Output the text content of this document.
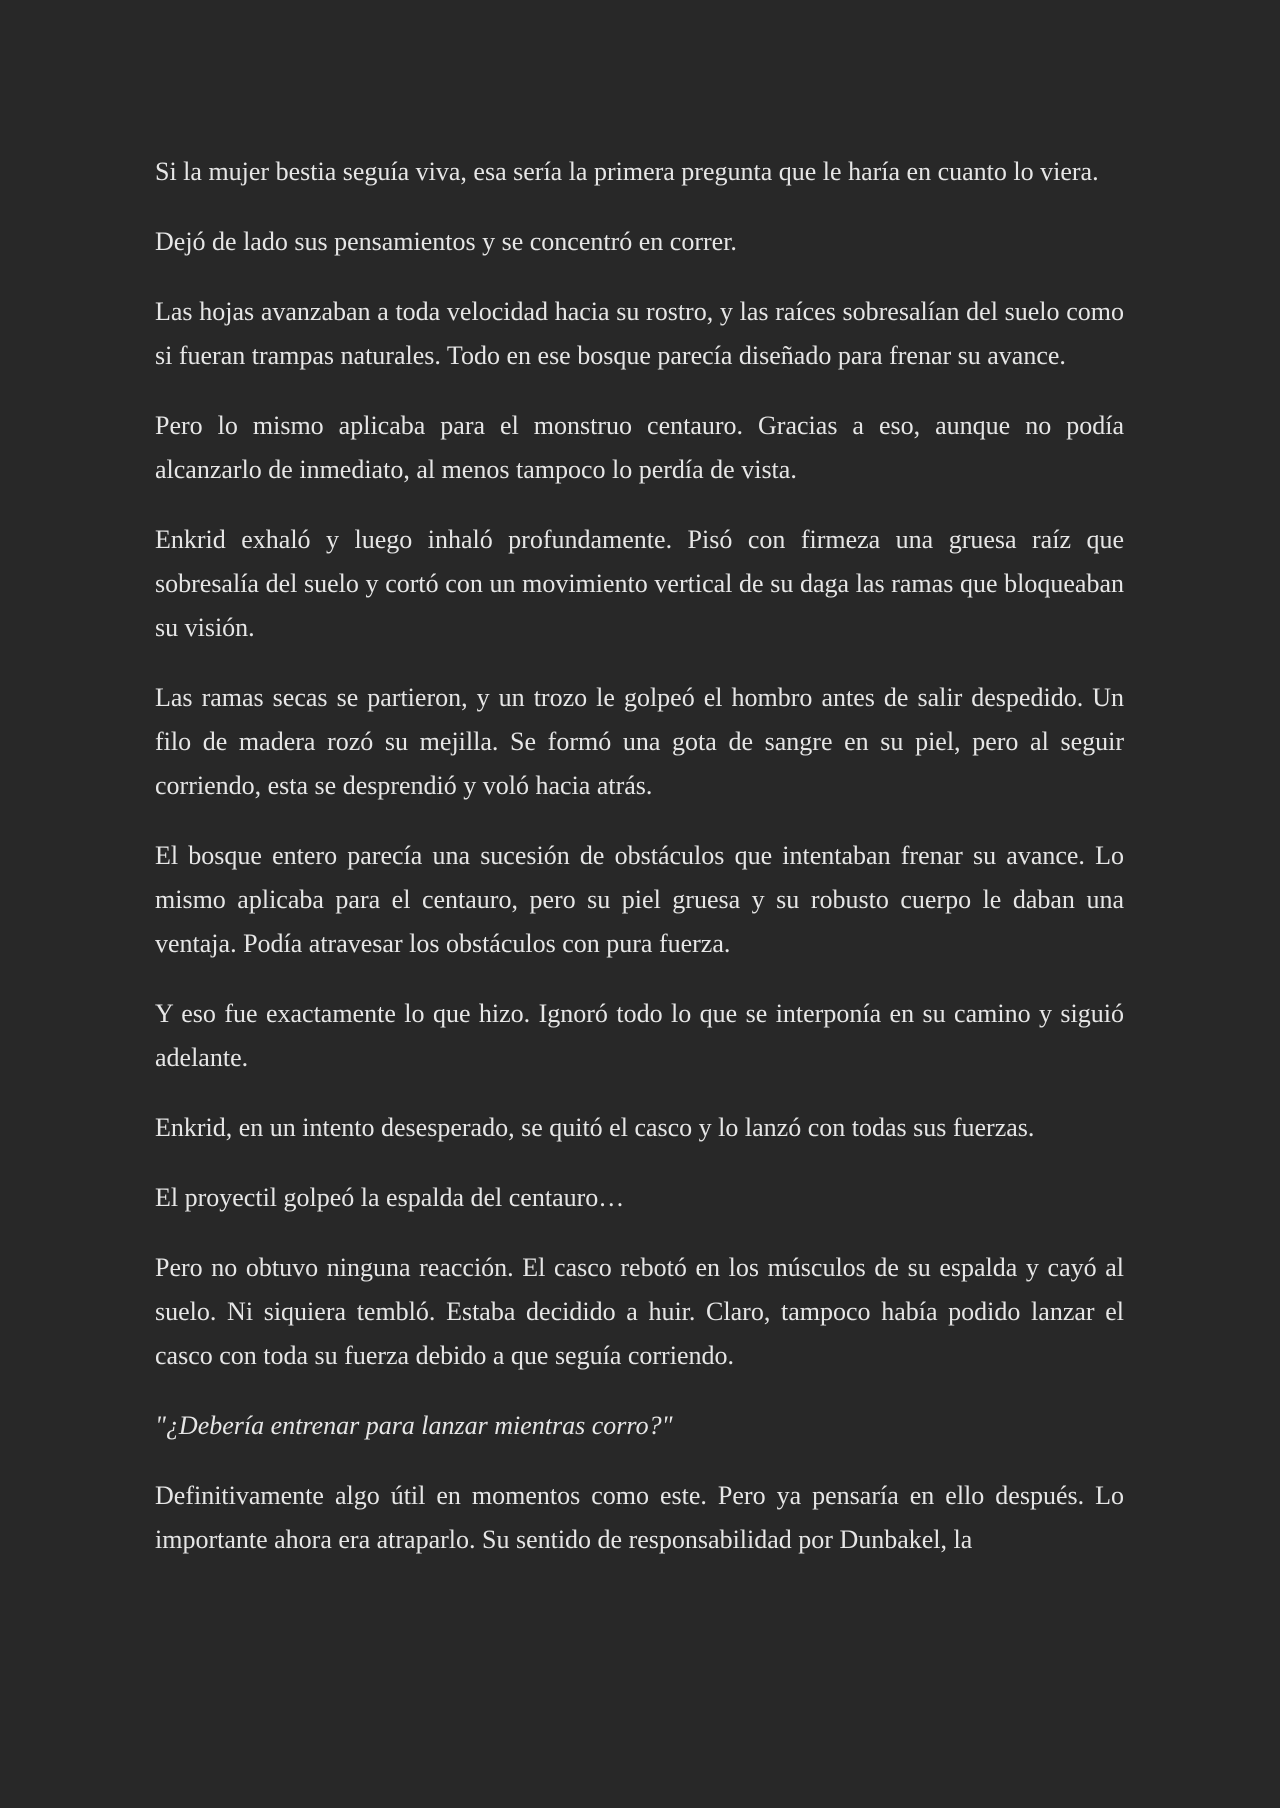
Si la mujer bestia seguía viva, esa sería la primera pregunta que le haría en cuanto lo viera.

Dejó de lado sus pensamientos y se concentró en correr.

Las hojas avanzaban a toda velocidad hacia su rostro, y las raíces sobresalían del suelo como si fueran trampas naturales. Todo en ese bosque parecía diseñado para frenar su avance.

Pero lo mismo aplicaba para el monstruo centauro. Gracias a eso, aunque no podía alcanzarlo de inmediato, al menos tampoco lo perdía de vista.

Enkrid exhaló y luego inhaló profundamente. Pisó con firmeza una gruesa raíz que sobresalía del suelo y cortó con un movimiento vertical de su daga las ramas que bloqueaban su visión.

Las ramas secas se partieron, y un trozo le golpeó el hombro antes de salir despedido. Un filo de madera rozó su mejilla. Se formó una gota de sangre en su piel, pero al seguir corriendo, esta se desprendió y voló hacia atrás.

El bosque entero parecía una sucesión de obstáculos que intentaban frenar su avance. Lo mismo aplicaba para el centauro, pero su piel gruesa y su robusto cuerpo le daban una ventaja. Podía atravesar los obstáculos con pura fuerza.

Y eso fue exactamente lo que hizo. Ignoró todo lo que se interponía en su camino y siguió adelante.

Enkrid, en un intento desesperado, se quitó el casco y lo lanzó con todas sus fuerzas.

El proyectil golpeó la espalda del centauro…

Pero no obtuvo ninguna reacción. El casco rebotó en los músculos de su espalda y cayó al suelo. Ni siquiera tembló. Estaba decidido a huir. Claro, tampoco había podido lanzar el casco con toda su fuerza debido a que seguía corriendo.

"¿Debería entrenar para lanzar mientras corro?"

Definitivamente algo útil en momentos como este. Pero ya pensaría en ello después. Lo importante ahora era atraparlo. Su sentido de responsabilidad por Dunbakel, la
